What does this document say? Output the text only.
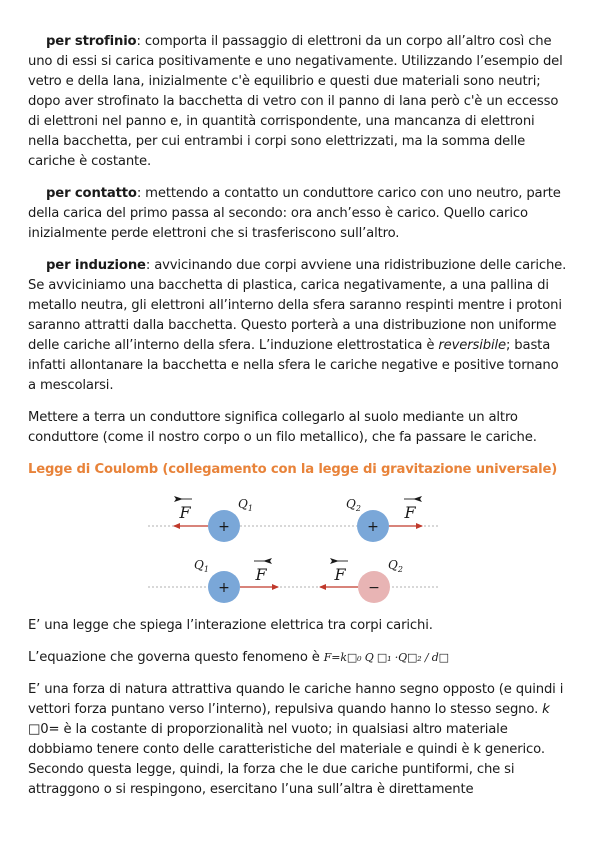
per strofinio: comporta il passaggio di elettroni da un corpo all’altro così che uno di essi si carica positivamente e uno negativamente. Utilizzando l’esempio del vetro e della lana, inizialmente c'è equilibrio e questi due materiali sono neutri; dopo aver strofinato la bacchetta di vetro con il panno di lana però c'è un eccesso di elettroni nel panno e, in quantità corrispondente, una mancanza di elettroni nella bacchetta, per cui entrambi i corpi sono elettrizzati, ma la somma delle cariche è costante.

per contatto: mettendo a contatto un conduttore carico con uno neutro, parte della carica del primo passa al secondo: ora anch’esso è carico. Quello carico inizialmente perde elettroni che si trasferiscono sull’altro.

per induzione: avvicinando due corpi avviene una ridistribuzione delle cariche. Se avviciniamo una bacchetta di plastica, carica negativamente, a una pallina di metallo neutra, gli elettroni all’interno della sfera saranno respinti mentre i protoni saranno attratti dalla bacchetta. Questo porterà a una distribuzione non uniforme delle cariche all’interno della sfera. L’induzione elettrostatica è reversibile; basta infatti allontanare la bacchetta e nella sfera le cariche negative e positive tornano a mescolarsi.

Mettere a terra un conduttore significa collegarlo al suolo mediante un altro conduttore (come il nostro corpo o un filo metallico), che fa passare le cariche.

Legge di Coulomb (collegamento con la legge di gravitazione universale)

+	+
F	F
$Q_1$	$Q_2$
+	−
F	F
$Q_1$	$Q_2$

E’ una legge che spiega l’interazione elettrica tra corpi carichi.

L’equazione che governa questo fenomeno è F=k□₀ Q □₁ ·Q□₂ / d□

E’ una forza di natura attrattiva quando le cariche hanno segno opposto (e quindi i vettori forza puntano verso l’interno), repulsiva quando hanno lo stesso segno. k □0= è la costante di proporzionalità nel vuoto; in qualsiasi altro materiale dobbiamo tenere conto delle caratteristiche del materiale e quindi è k generico. Secondo questa legge, quindi, la forza che le due cariche puntiformi, che si attraggono o si respingono, esercitano l’una sull’altra è direttamente
